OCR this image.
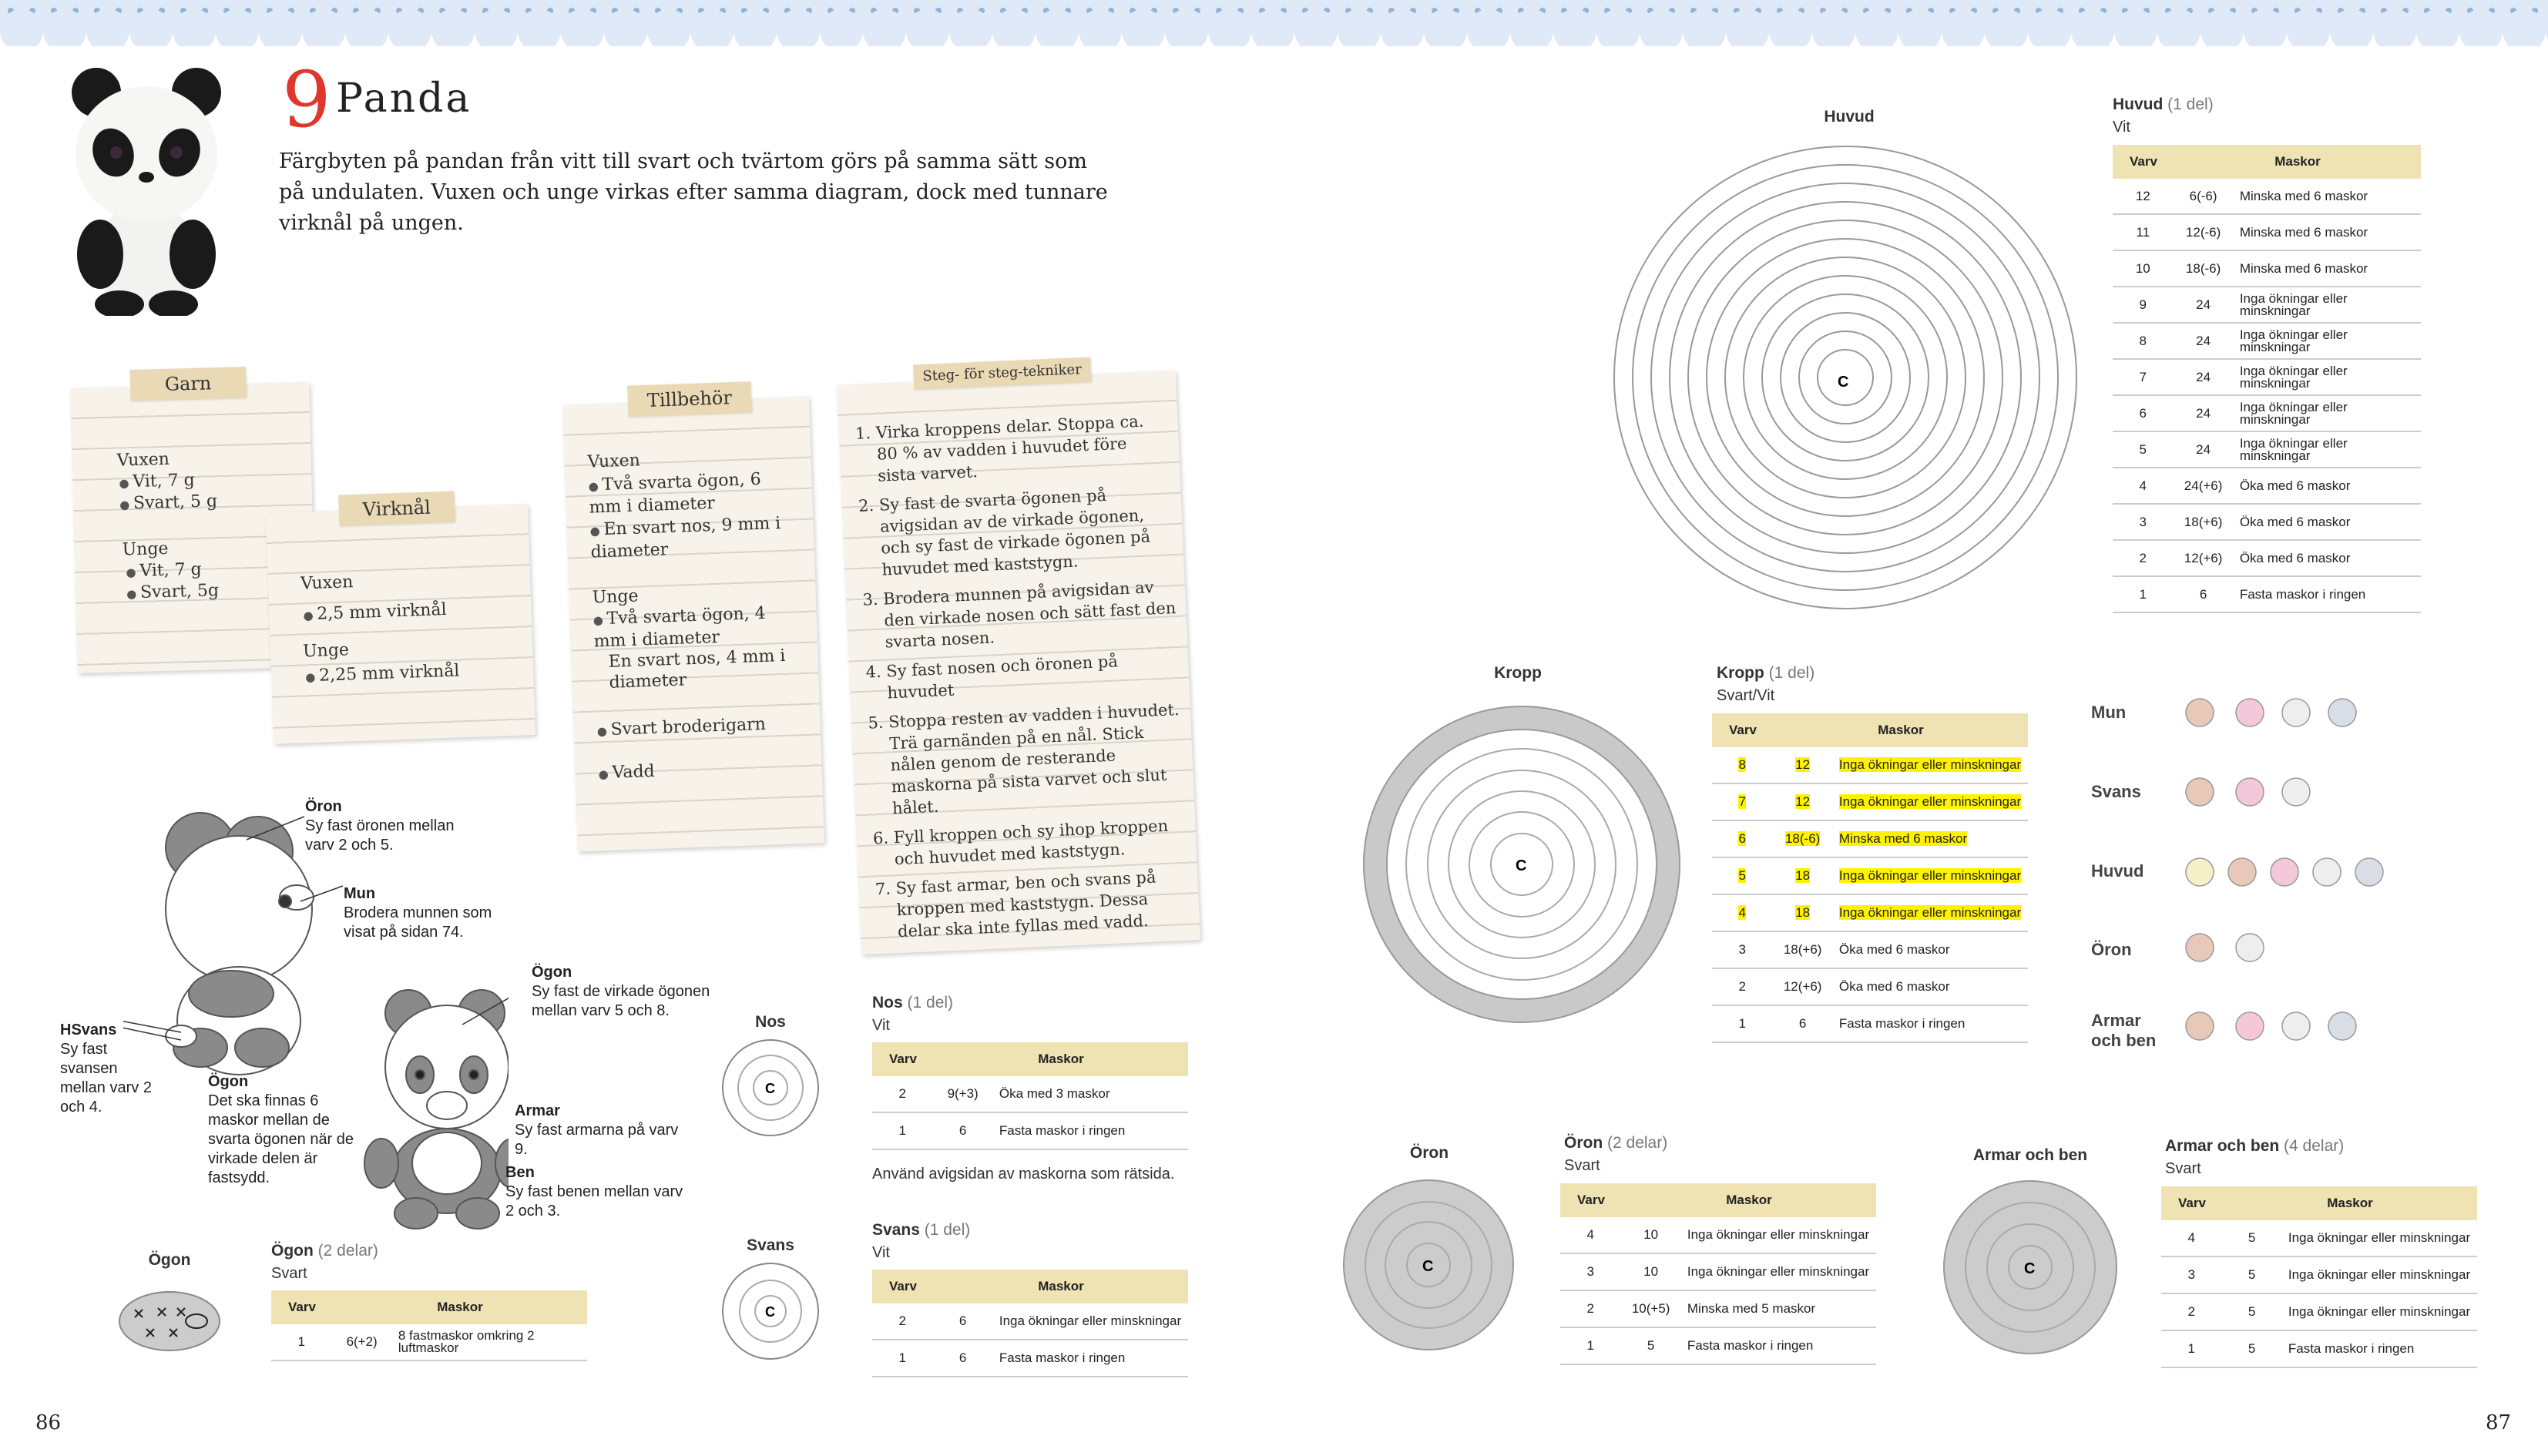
9 Panda
Färgbyten på pandan från vitt till svart och tvärtom görs på samma sätt som på undulaten. Vuxen och unge virkas efter samma diagram, dock med tunnare virknål på ungen.
Garn
Vuxen
● Vit, 7 g
● Svart, 5 g
Unge
● Vit, 7 g
● Svart, 5g
Virknål
Vuxen
● 2,5 mm virknål
Unge
● 2,25 mm virknål
Tillbehör
Vuxen
● Två svarta ögon, 6 mm i diameter
● En svart nos, 9 mm i diameter
Unge
● Två svarta ögon, 4 mm i diameter
En svart nos, 4 mm i diameter
● Svart broderigarn
● Vadd
Steg- för steg-tekniker
1. Virka kroppens delar. Stoppa ca. 80 % av vadden i huvudet före sista varvet.
2. Sy fast de svarta ögonen på avigsidan av de virkade ögonen, och sy fast de virkade ögonen på huvudet med kaststygn.
3. Brodera munnen på avigsidan av den virkade nosen och sätt fast den svarta nosen.
4. Sy fast nosen och öronen på huvudet
5. Stoppa resten av vadden i huvudet. Trä garnänden på en nål. Stick nålen genom de resterande maskorna på sista varvet och slut hålet.
6. Fyll kroppen och sy ihop kroppen och huvudet med kaststygn.
7. Sy fast armar, ben och svans på kroppen med kaststygn. Dessa delar ska inte fyllas med vadd.
Öron
Sy fast öronen mellan varv 2 och 5.
Mun
Brodera munnen som visat på sidan 74.
Ögon
Sy fast de virkade ögonen mellan varv 5 och 8.
HSvans
Sy fast svansen mellan varv 2 och 4.
Ögon
Det ska finnas 6 maskor mellan de svarta ögonen när de virkade delen är fastsydd.
Armar
Sy fast armarna på varv 9.
Ben
Sy fast benen mellan varv 2 och 3.
Ögon
Ögon (2 delar)
Svart
Varv	Maskor
1	6(+2)	8 fastmaskor omkring 2 luftmaskor
Nos
C
Nos (1 del)
Vit
Varv	Maskor
2	9(+3)	Öka med 3 maskor
1	6	Fasta maskor i ringen
Använd avigsidan av maskorna som rätsida.
Svans
C
Svans (1 del)
Vit
Varv	Maskor
2	6	Inga ökningar eller minskningar
1	6	Fasta maskor i ringen
Huvud
C
Huvud (1 del)
Vit
Varv	Maskor
12	6(-6)	Minska med 6 maskor
11	12(-6)	Minska med 6 maskor
10	18(-6)	Minska med 6 maskor
9	24	Inga ökningar eller minskningar
8	24	Inga ökningar eller minskningar
7	24	Inga ökningar eller minskningar
6	24	Inga ökningar eller minskningar
5	24	Inga ökningar eller minskningar
4	24(+6)	Öka med 6 maskor
3	18(+6)	Öka med 6 maskor
2	12(+6)	Öka med 6 maskor
1	6	Fasta maskor i ringen
Kropp
C
Kropp (1 del)
Svart/Vit
Varv	Maskor
8	12	Inga ökningar eller minskningar
7	12	Inga ökningar eller minskningar
6	18(-6)	Minska med 6 maskor
5	18	Inga ökningar eller minskningar
4	18	Inga ökningar eller minskningar
3	18(+6)	Öka med 6 maskor
2	12(+6)	Öka med 6 maskor
1	6	Fasta maskor i ringen
Mun
Svans
Huvud
Öron
Armar och ben
Öron
C
Öron (2 delar)
Svart
Varv	Maskor
4	10	Inga ökningar eller minskningar
3	10	Inga ökningar eller minskningar
2	10(+5)	Minska med 5 maskor
1	5	Fasta maskor i ringen
Armar och ben
C
Armar och ben (4 delar)
Svart
Varv	Maskor
4	5	Inga ökningar eller minskningar
3	5	Inga ökningar eller minskningar
2	5	Inga ökningar eller minskningar
1	5	Fasta maskor i ringen
86	87
